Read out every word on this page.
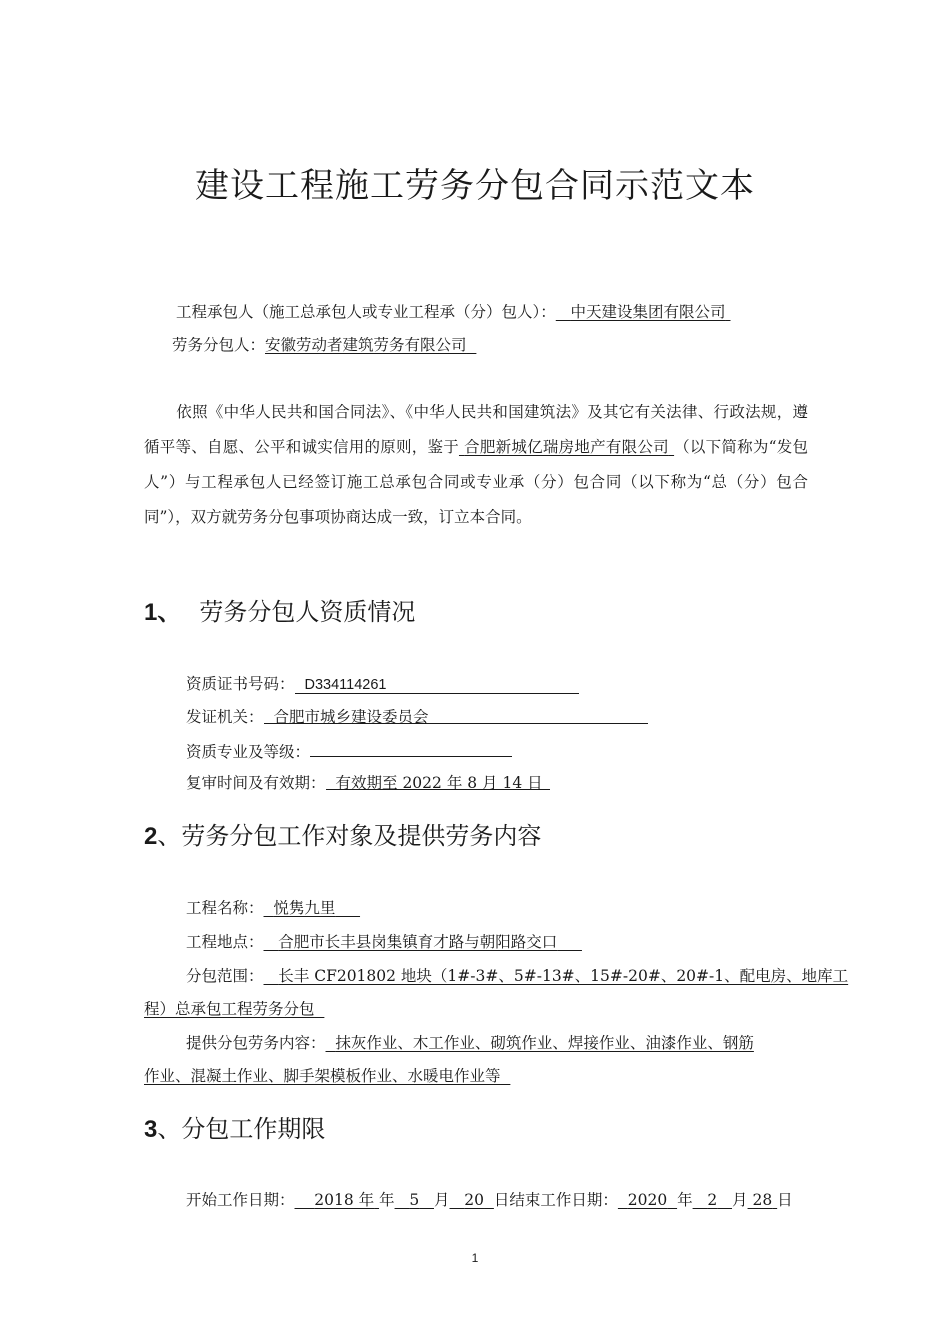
建设工程施工劳务分包合同示范文本
工程承包人（施工总承包人或专业工程承（分）包人）： 中天建设集团有限公司
劳务分包人：安徽劳动者建筑劳务有限公司
依照《中华人民共和国合同法》、《中华人民共和国建筑法》及其它有关法律、行政法规，遵循平等、自愿、公平和诚实信用的原则，鉴于 合肥新城亿瑞房地产有限公司 （以下简称为“发包人”）与工程承包人已经签订施工总承包合同或专业承（分）包合同（以下称为“总（分）包合同”），双方就劳务分包事项协商达成一致，订立本合同。
1、 劳务分包人资质情况
资质证书号码： D334114261
发证机关： 合肥市城乡建设委员会
资质专业及等级：
复审时间及有效期： 有效期至 2022 年 8 月 14 日
2、劳务分包工作对象及提供劳务内容
工程名称： 悦隽九里
工程地点： 合肥市长丰县岗集镇育才路与朝阳路交口
分包范围： 长丰 CF201802 地块（1#-3#、5#-13#、15#-20#、20#-1、配电房、地库工
程）总承包工程劳务分包
提供分包劳务内容： 抹灰作业、木工作业、砌筑作业、焊接作业、油漆作业、钢筋
作业、混凝土作业、脚手架模板作业、水暖电作业等
3、分包工作期限
开始工作日期： 2018 年 年 5 月 20 日结束工作日期： 2020 年 2 月 28 日
1
